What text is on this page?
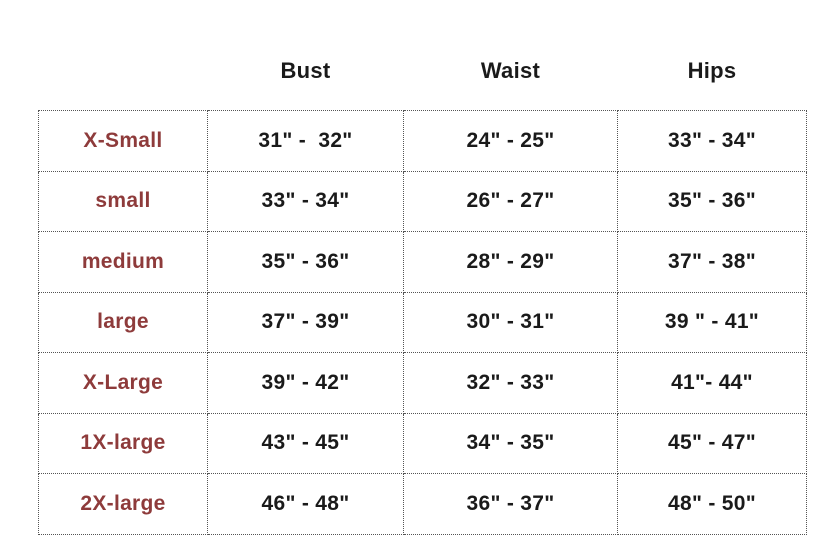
	Bust	Waist	Hips
X-Small	31" -  32"	24" - 25"	33" - 34"
small	33" - 34"	26" - 27"	35" - 36"
medium	35" - 36"	28" - 29"	37" - 38"
large	37" - 39"	30" - 31"	39 " - 41"
X-Large	39" - 42"	32" - 33"	41"- 44"
1X-large	43" - 45"	34" - 35"	45" - 47"
2X-large	46" - 48"	36" - 37"	48" - 50"
